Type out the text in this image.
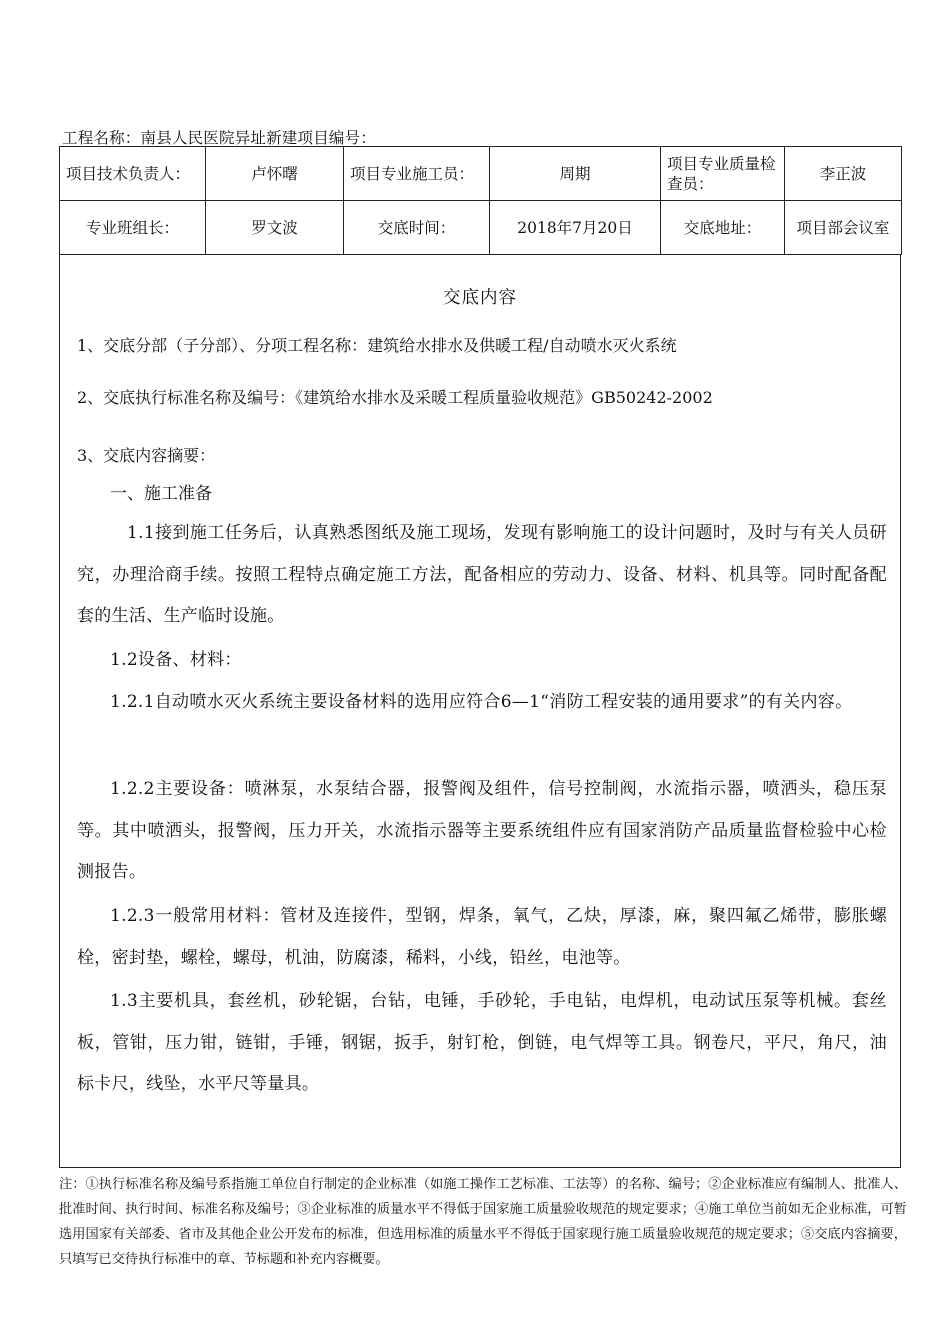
工程名称：南县人民医院异址新建项目编号：
项目技术负责人：	卢怀曙	项目专业施工员：	周期	项目专业质量检查员：	李正波
专业班组长：	罗文波	交底时间：	2018年7月20日	交底地址：	项目部会议室
交底内容
1、交底分部（子分部）、分项工程名称：建筑给水排水及供暖工程/自动喷水灭火系统
2、交底执行标准名称及编号：《建筑给水排水及采暖工程质量验收规范》GB50242-2002
3、交底内容摘要：
一、施工准备
1.1接到施工任务后，认真熟悉图纸及施工现场，发现有影响施工的设计问题时，及时与有关人员研究，办理洽商手续。按照工程特点确定施工方法，配备相应的劳动力、设备、材料、机具等。同时配备配套的生活、生产临时设施。
1.2设备、材料：
1.2.1自动喷水灭火系统主要设备材料的选用应符合6—1“消防工程安装的通用要求”的有关内容。
1.2.2主要设备：喷淋泵，水泵结合器，报警阀及组件，信号控制阀，水流指示器，喷洒头，稳压泵等。其中喷洒头，报警阀，压力开关，水流指示器等主要系统组件应有国家消防产品质量监督检验中心检测报告。
1.2.3一般常用材料：管材及连接件，型钢，焊条，氧气，乙炔，厚漆，麻，聚四氟乙烯带，膨胀螺栓，密封垫，螺栓，螺母，机油，防腐漆，稀料，小线，铅丝，电池等。
1.3主要机具，套丝机，砂轮锯，台钻，电锤，手砂轮，手电钻，电焊机，电动试压泵等机械。套丝板，管钳，压力钳，链钳，手锤，钢锯，扳手，射钉枪，倒链，电气焊等工具。钢卷尺，平尺，角尺，油标卡尺，线坠，水平尺等量具。
注：①执行标准名称及编号系指施工单位自行制定的企业标准（如施工操作工艺标准、工法等）的名称、编号；②企业标准应有编制人、批准人、批准时间、执行时间、标准名称及编号；③企业标准的质量水平不得低于国家施工质量验收规范的规定要求；④施工单位当前如无企业标准，可暂选用国家有关部委、省市及其他企业公开发布的标准，但选用标准的质量水平不得低于国家现行施工质量验收规范的规定要求；⑤交底内容摘要，只填写已交待执行标准中的章、节标题和补充内容概要。
